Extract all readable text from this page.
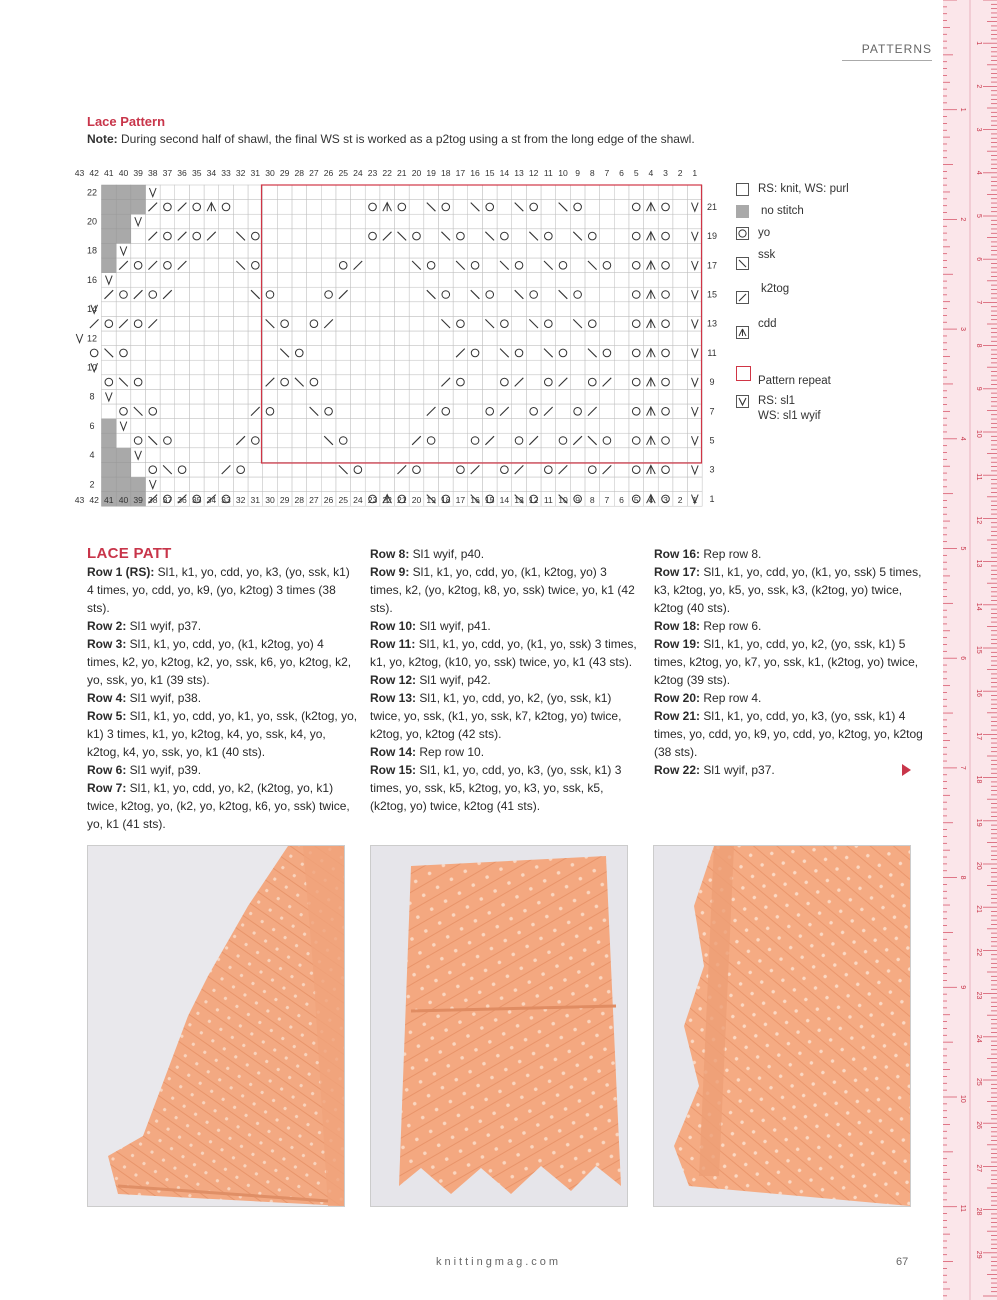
PATTERNS
Lace Pattern
Note: During second half of shawl, the final WS st is worked as a p2tog using a st from the long edge of the shawl.
43
43
42
42
41
41
40
40
39
39
38
38
37
37
36
36
35
35
34
34
33
33
32
32
31
31
30
30
29
29
28
28
27
27
26
26
25
25
24
24
23
23
22
22
21
21
20
20
19
19
18
18
17
17
16
16
15
15
14
14
13
13
12
12
11
11
10
10
9
9
8
8
7
7
6
6
5
5
4
4
3
3
2
2
1
1
22
20
18
16
14
12
10
8
6
4
2
21
19
17
15
13
11
9
7
5
3
1
RS: knit, WS: purl
no stitch
yo
ssk
k2tog
cdd
Pattern repeat
RS: sl1
WS: sl1 wyif
LACE PATT
Row 1 (RS): Sl1, k1, yo, cdd, yo, k3, (yo, ssk, k1) 4 times, yo, cdd, yo, k9, (yo, k2tog) 3 times (38 sts).
Row 2: Sl1 wyif, p37.
Row 3: Sl1, k1, yo, cdd, yo, (k1, k2tog, yo) 4 times, k2, yo, k2tog, k2, yo, ssk, k6, yo, k2tog, k2, yo, ssk, yo, k1 (39 sts).
Row 4: Sl1 wyif, p38.
Row 5: Sl1, k1, yo, cdd, yo, k1, yo, ssk, (k2tog, yo, k1) 3 times, k1, yo, k2tog, k4, yo, ssk, k4, yo, k2tog, k4, yo, ssk, yo, k1 (40 sts).
Row 6: Sl1 wyif, p39.
Row 7: Sl1, k1, yo, cdd, yo, k2, (k2tog, yo, k1) twice, k2tog, yo, (k2, yo, k2tog, k6, yo, ssk) twice, yo, k1 (41 sts).
Row 8: Sl1 wyif, p40.
Row 9: Sl1, k1, yo, cdd, yo, (k1, k2tog, yo) 3 times, k2, (yo, k2tog, k8, yo, ssk) twice, yo, k1 (42 sts).
Row 10: Sl1 wyif, p41.
Row 11: Sl1, k1, yo, cdd, yo, (k1, yo, ssk) 3 times, k1, yo, k2tog, (k10, yo, ssk) twice, yo, k1 (43 sts).
Row 12: Sl1 wyif, p42.
Row 13: Sl1, k1, yo, cdd, yo, k2, (yo, ssk, k1) twice, yo, ssk, (k1, yo, ssk, k7, k2tog, yo) twice, k2tog, yo, k2tog (42 sts).
Row 14: Rep row 10.
Row 15: Sl1, k1, yo, cdd, yo, k3, (yo, ssk, k1) 3 times, yo, ssk, k5, k2tog, yo, k3, yo, ssk, k5, (k2tog, yo) twice, k2tog (41 sts).
Row 16: Rep row 8.
Row 17: Sl1, k1, yo, cdd, yo, (k1, yo, ssk) 5 times, k3, k2tog, yo, k5, yo, ssk, k3, (k2tog, yo) twice, k2tog (40 sts).
Row 18: Rep row 6.
Row 19: Sl1, k1, yo, cdd, yo, k2, (yo, ssk, k1) 5 times, k2tog, yo, k7, yo, ssk, k1, (k2tog, yo) twice, k2tog (39 sts).
Row 20: Rep row 4.
Row 21: Sl1, k1, yo, cdd, yo, k3, (yo, ssk, k1) 4 times, yo, cdd, yo, k9, yo, cdd, yo, k2tog, yo, k2tog (38 sts).
Row 22: Sl1 wyif, p37.
knittingmag.com	67
1
2
3
4
5
6
7
8
9
10
11
12
13
14
15
16
17
18
19
20
21
22
23
24
25
26
27
28
29
1
2
3
4
5
6
7
8
9
10
11
